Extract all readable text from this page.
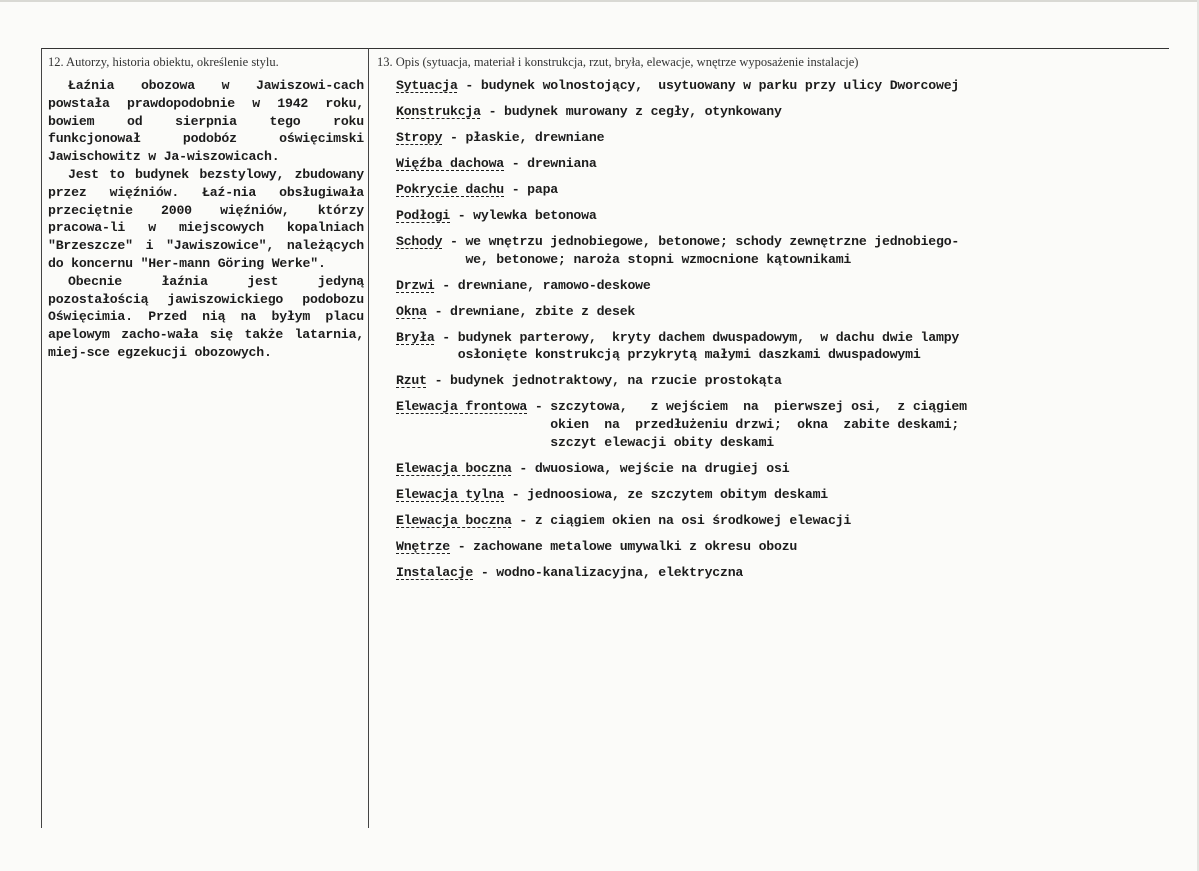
12. Autorzy, historia obiektu, określenie stylu.	13. Opis (sytuacja, materiał i konstrukcja, rzut, bryła, elewacje, wnętrze wyposażenie instalacje)

Łaźnia obozowa w Jawiszowi-cach powstała prawdopodobnie w 1942 roku, bowiem od sierpnia tego roku funkcjonował podobóz oświęcimski Jawischowitz w Ja-wiszowicach.

Jest to budynek bezstylowy, zbudowany przez więźniów. Łaź-nia obsługiwała przeciętnie 2000 więźniów, którzy pracowa-li w miejscowych kopalniach "Brzeszcze" i "Jawiszowice", należących do koncernu "Her-mann Göring Werke".

Obecnie łaźnia jest jedyną pozostałością jawiszowickiego podobozu Oświęcimia. Przed nią na byłym placu apelowym zacho-wała się także latarnia, miej-sce egzekucji obozowych.

Sytuacja - budynek wolnostojący,  usytuowany w parku przy ulicy Dworcowej
Konstrukcja - budynek murowany z cegły, otynkowany
Stropy - płaskie, drewniane
Więźba dachowa - drewniana
Pokrycie dachu - papa
Podłogi - wylewka betonowa
Schody - we wnętrzu jednobiegowe, betonowe; schody zewnętrzne jednobiego-
we, betonowe; naroża stopni wzmocnione kątownikami
Drzwi - drewniane, ramowo-deskowe
Okna - drewniane, zbite z desek
Bryła - budynek parterowy,  kryty dachem dwuspadowym,  w dachu dwie lampy
osłonięte konstrukcją przykrytą małymi daszkami dwuspadowymi
Rzut - budynek jednotraktowy, na rzucie prostokąta
Elewacja frontowa - szczytowa,   z wejściem  na  pierwszej osi,  z ciągiem
okien  na  przedłużeniu drzwi;  okna  zabite deskami;
szczyt elewacji obity deskami
Elewacja boczna - dwuosiowa, wejście na drugiej osi
Elewacja tylna - jednoosiowa, ze szczytem obitym deskami
Elewacja boczna - z ciągiem okien na osi środkowej elewacji
Wnętrze - zachowane metalowe umywalki z okresu obozu
Instalacje - wodno-kanalizacyjna, elektryczna
